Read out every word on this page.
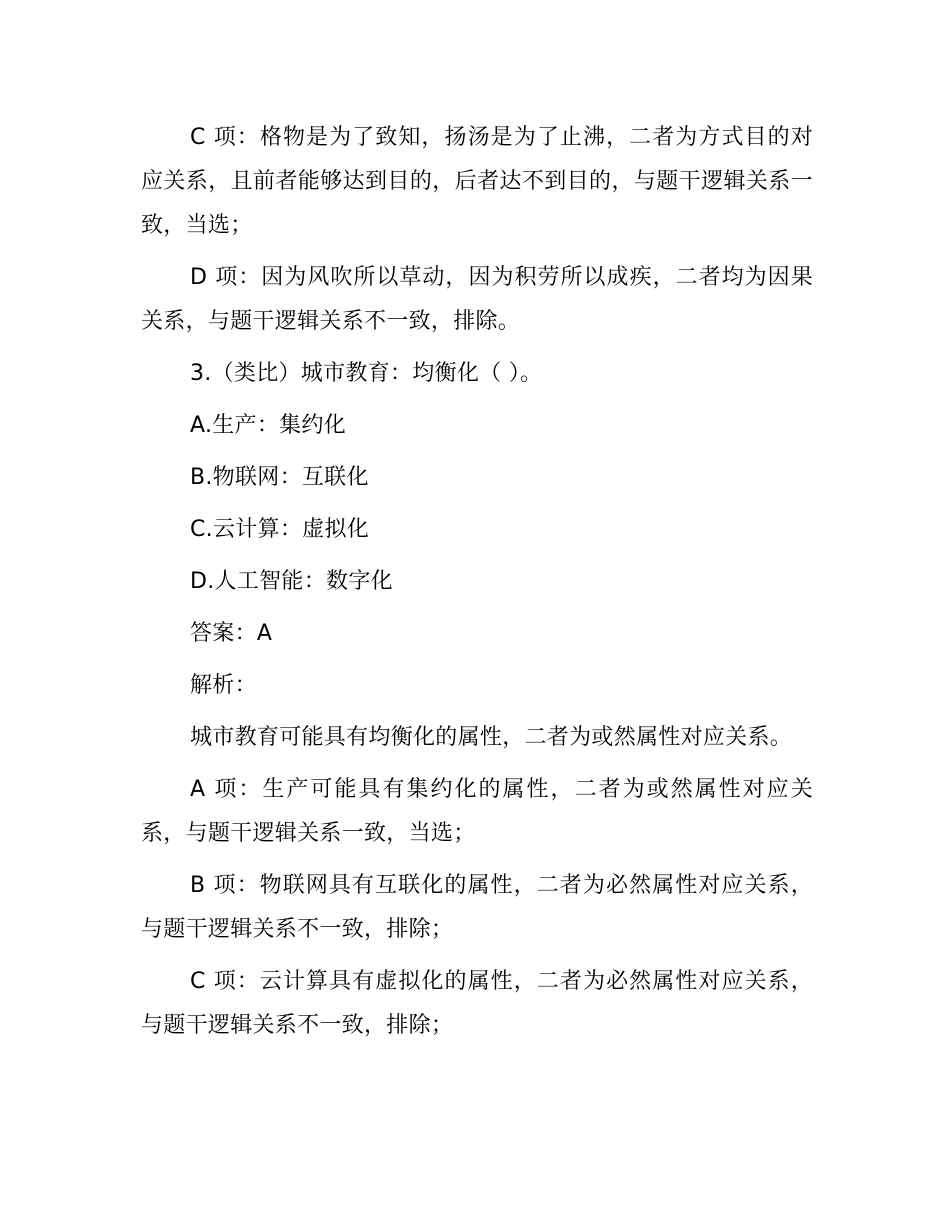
C 项：格物是为了致知，扬汤是为了止沸，二者为方式目的对应关系，且前者能够达到目的，后者达不到目的，与题干逻辑关系一致，当选；

D 项：因为风吹所以草动，因为积劳所以成疾，二者均为因果关系，与题干逻辑关系不一致，排除。

3.（类比）城市教育：均衡化（ ）。

A.生产：集约化

B.物联网：互联化

C.云计算：虚拟化

D.人工智能：数字化

答案：A

解析：

城市教育可能具有均衡化的属性，二者为或然属性对应关系。

A 项：生产可能具有集约化的属性，二者为或然属性对应关系，与题干逻辑关系一致，当选；

B 项：物联网具有互联化的属性，二者为必然属性对应关系，与题干逻辑关系不一致，排除；

C 项：云计算具有虚拟化的属性，二者为必然属性对应关系，与题干逻辑关系不一致，排除；
